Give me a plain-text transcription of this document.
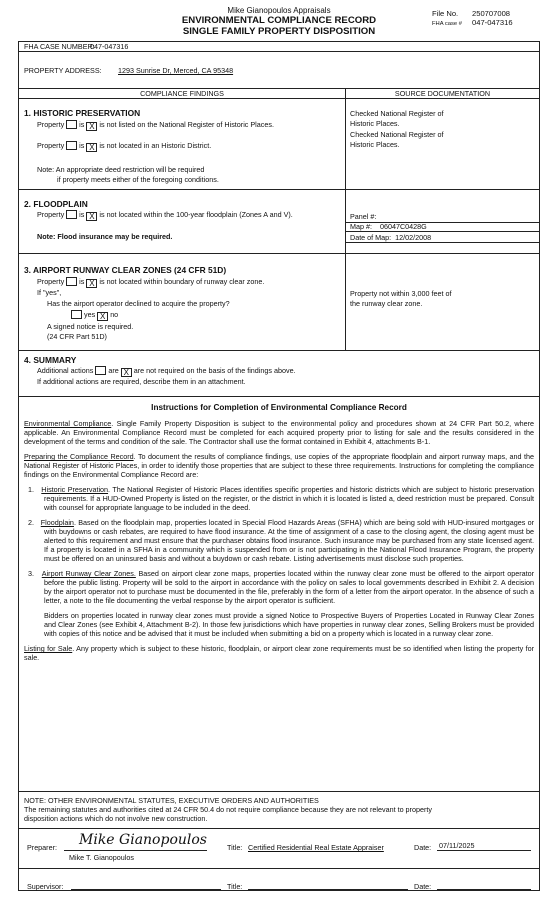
Mike Gianopoulos Appraisals
ENVIRONMENTAL COMPLIANCE RECORD
SINGLE FAMILY PROPERTY DISPOSITION
File No. 250707008
FHA case # 047-047316
FHA CASE NUMBER:
047-047316
PROPERTY ADDRESS: 1293 Sunrise Dr, Merced, CA 95348
COMPLIANCE FINDINGS	SOURCE DOCUMENTATION
1. HISTORIC PRESERVATION
Property is X is not listed on the National Register of Historic Places.
Property is X is not located in an Historic District.
Note: An appropriate deed restriction will be required
if property meets either of the foregoing conditions.
Checked National Register of
Historic Places.
Checked National Register of
Historic Places.
2. FLOODPLAIN
Property is X is not located within the 100-year floodplain (Zones A and V).
Note: Flood insurance may be required.
Panel #:
Map #: 06047C0428G
Date of Map: 12/02/2008
3. AIRPORT RUNWAY CLEAR ZONES (24 CFR 51D)
Property is X is not located within boundary of runway clear zone.
If "yes",
Has the airport operator declined to acquire the property?
yes X no
A signed notice is required.
(24 CFR Part 51D)
Property not within 3,000 feet of
the runway clear zone.
4. SUMMARY
Additional actions are X are not required on the basis of the findings above.
If additional actions are required, describe them in an attachment.
Instructions for Completion of Environmental Compliance Record

Environmental Compliance. Single Family Property Disposition is subject to the environmental policy and procedures shown at 24 CFR Part 50.2, where applicable. An Environmental Compliance Record must be completed for each acquired property prior to listing for sale and the results considered in the development of the terms and condition of the sale. The Contractor shall use the format contained in Exhibit 4, attachments B-1.

Preparing the Compliance Record. To document the results of compliance findings, use copies of the appropriate floodplain and airport runway maps, and the National Register of Historic Places, in order to identify those properties that are subject to these three requirements. Instructions for completing the compliance findings on the Environmental Compliance Record are:

1. Historic Preservation. The National Register of Historic Places identifies specific properties and historic districts which are subject to historic preservation requirements. If a HUD-Owned Property is listed on the register, or the district in which it is located is listed a, deed restriction must be prepared. Consult with counsel for appropriate language to be included in the deed.

2. Floodplain. Based on the floodplain map, properties located in Special Flood Hazards Areas (SFHA) which are being sold with HUD-insured mortgages or with buydowns or cash rebates, are required to have flood insurance. At the time of assignment of a case to the closing agent, the closing agent must be alerted to this requirement and must ensure that the purchaser obtains flood insurance. Such insurance may be purchased from any state licensed agent. If a property is located in a SFHA in a community which is suspended from or is not participating in the National Flood Insurance Program, the property must be offered on an uninsured basis and without a buydown or cash rebate. Listing advertisements must disclose such properties.

3. Airport Runway Clear Zones. Based on airport clear zone maps, properties located within the runway clear zone must be offered to the airport operator before the public listing. Property will be sold to the airport in accordance with the policy on sales to local governments described in Exhibit 2. A decision by the airport operator not to purchase must be documented in the file, preferably in the form of a letter from the airport operator. In the absence of such a letter, a note to the file documenting the verbal response by the airport operator is sufficient.

Bidders on properties located in runway clear zones must provide a signed Notice to Prospective Buyers of Properties Located in Runway Clear Zones and Clear Zones (see Exhibit 4, Attachment B-2). In those few jurisdictions which have properties in runway clear zones, Selling Brokers must be provided with copies of this notice and be advised that it must be included when submitting a bid on a property which is located in a runway clear zone.

Listing for Sale. Any property which is subject to these historic, floodplain, or airport clear zone requirements must be so identified when listing the property for sale.

NOTE: OTHER ENVIRONMENTAL STATUTES, EXECUTIVE ORDERS AND AUTHORITIES
The remaining statutes and authorities cited at 24 CFR 50.4 do not require compliance because they are not relevant to property
disposition actions which do not involve new construction.
Preparer: Mike Gianopoulos
Mike T. Gianopoulos
Title: Certified Residential Real Estate Appraiser	Date: 07/11/2025
Supervisor:	Title:	Date:
